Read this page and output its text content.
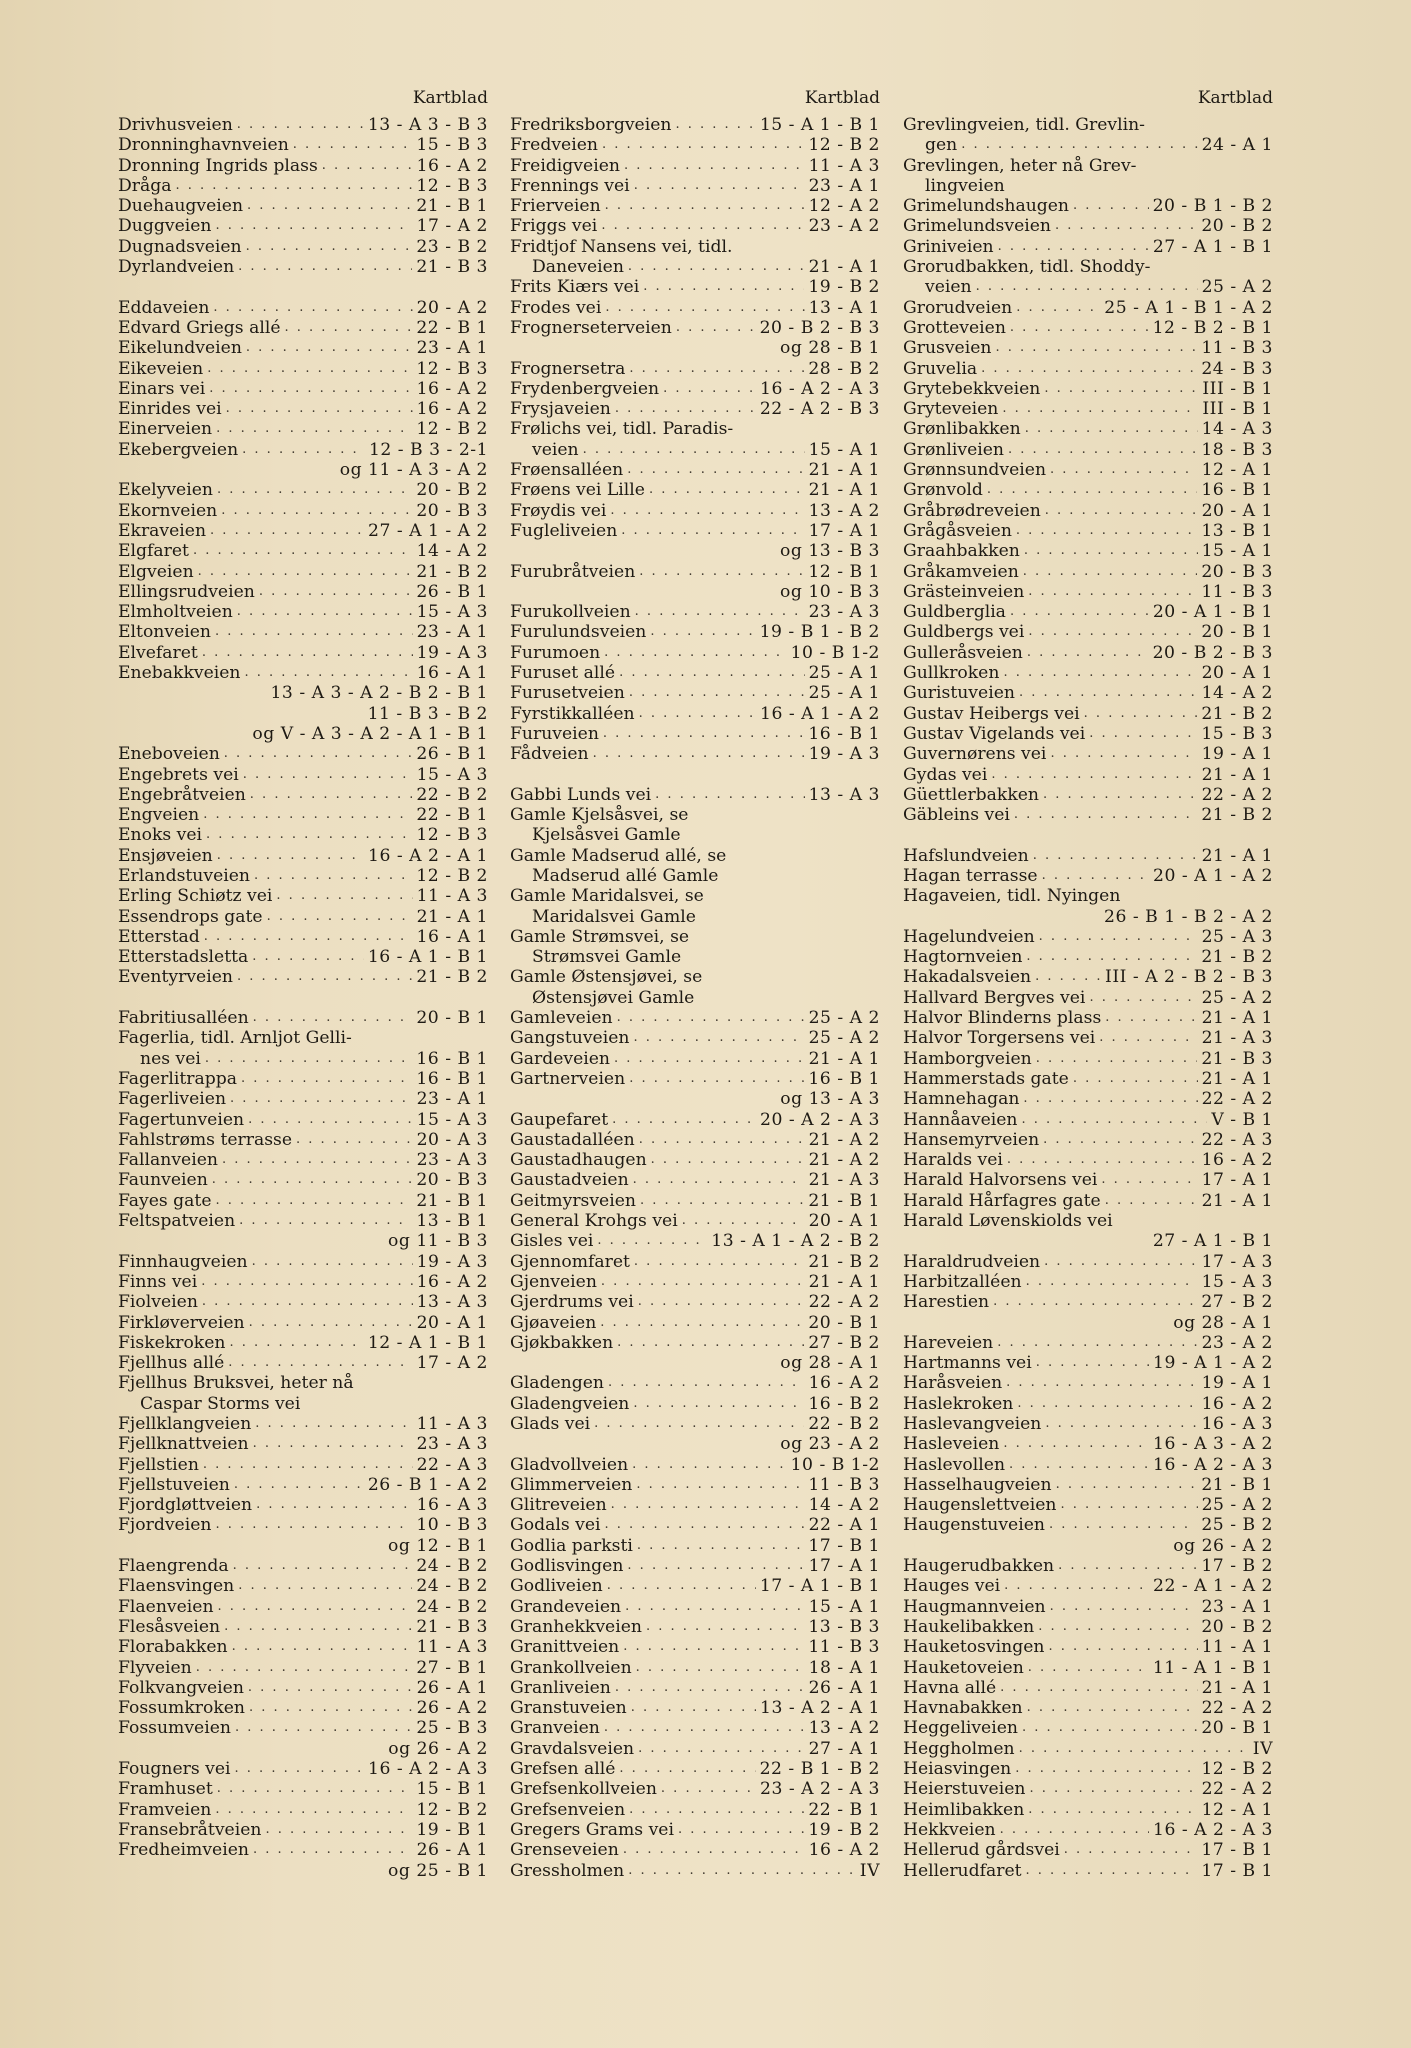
Kartblad
Drivhusveien . . .	13 - A 3 - B 3
Dronninghavnveien . . .	15 - B 3
Dronning Ingrids plass . . .	16 - A 2
Dråga . . .	12 - B 3
Duehaugveien . . .	21 - B 1
Duggveien . . .	17 - A 2
Dugnadsveien . . .	23 - B 2
Dyrlandveien . . .	21 - B 3
Eddaveien . . .	20 - A 2
Edvard Griegs allé . . .	22 - B 1
Eikelundveien . . .	23 - A 1
Eikeveien . . .	12 - B 3
Einars vei . . .	16 - A 2
Einrides vei . . .	16 - A 2
Einerveien . . .	12 - B 2
Ekebergveien . . .	12 - B 3 - 2-1
og 11 - A 3 - A 2
Ekelyveien . . .	20 - B 2
Ekornveien . . .	20 - B 3
Ekraveien . . .	27 - A 1 - A 2
Elgfaret . . .	14 - A 2
Elgveien . . .	21 - B 2
Ellingsrudveien . . .	26 - B 1
Elmholtveien . . .	15 - A 3
Eltonveien . . .	23 - A 1
Elvefaret . . .	19 - A 3
Enebakkveien . . .	16 - A 1
13 - A 3 - A 2 - B 2 - B 1
11 - B 3 - B 2
og V - A 3 - A 2 - A 1 - B 1
Eneboveien . . .	26 - B 1
Engebrets vei . . .	15 - A 3
Engebråtveien . . .	22 - B 2
Engveien . . .	22 - B 1
Enoks vei . . .	12 - B 3
Ensjøveien . . .	16 - A 2 - A 1
Erlandstuveien . . .	12 - B 2
Erling Schiøtz vei . . .	11 - A 3
Essendrops gate . . .	21 - A 1
Etterstad . . .	16 - A 1
Etterstadsletta . . .	16 - A 1 - B 1
Eventyrveien . . .	21 - B 2
Fabritiusalléen . . .	20 - B 1
Fagerlia, tidl. Arnljot Gelli-
nes vei . . .	16 - B 1
Fagerlitrappa . . .	16 - B 1
Fagerliveien . . .	23 - A 1
Fagertunveien . . .	15 - A 3
Fahlstrøms terrasse . . .	20 - A 3
Fallanveien . . .	23 - A 3
Faunveien . . .	20 - B 3
Fayes gate . . .	21 - B 1
Feltspatveien . . .	13 - B 1
og 11 - B 3
Finnhaugveien . . .	19 - A 3
Finns vei . . .	16 - A 2
Fiolveien . . .	13 - A 3
Firkløverveien . . .	20 - A 1
Fiskekroken . . .	12 - A 1 - B 1
Fjellhus allé . . .	17 - A 2
Fjellhus Bruksvei, heter nå
Caspar Storms vei
Fjellklangveien . . .	11 - A 3
Fjellknattveien . . .	23 - A 3
Fjellstien . . .	22 - A 3
Fjellstuveien . . .	26 - B 1 - A 2
Fjordgløttveien . . .	16 - A 3
Fjordveien . . .	10 - B 3
og 12 - B 1
Flaengrenda . . .	24 - B 2
Flaensvingen . . .	24 - B 2
Flaenveien . . .	24 - B 2
Flesåsveien . . .	21 - B 3
Florabakken . . .	11 - A 3
Flyveien . . .	27 - B 1
Folkvangveien . . .	26 - A 1
Fossumkroken . . .	26 - A 2
Fossumveien . . .	25 - B 3
og 26 - A 2
Fougners vei . . .	16 - A 2 - A 3
Framhuset . . .	15 - B 1
Framveien . . .	12 - B 2
Fransebråtveien . . .	19 - B 1
Fredheimveien . . .	26 - A 1
og 25 - B 1
Kartblad
Fredriksborgveien . . .	15 - A 1 - B 1
Fredveien . . .	12 - B 2
Freidigveien . . .	11 - A 3
Frennings vei . . .	23 - A 1
Frierveien . . .	12 - A 2
Friggs vei . . .	23 - A 2
Fridtjof Nansens vei, tidl.
Daneveien . . .	21 - A 1
Frits Kiærs vei . . .	19 - B 2
Frodes vei . . .	13 - A 1
Frognerseterveien . . .	20 - B 2 - B 3
og 28 - B 1
Frognersetra . . .	28 - B 2
Frydenbergveien . . .	16 - A 2 - A 3
Frysjaveien . . .	22 - A 2 - B 3
Frølichs vei, tidl. Paradis-
veien . . .	15 - A 1
Frøensalléen . . .	21 - A 1
Frøens vei Lille . . .	21 - A 1
Frøydis vei . . .	13 - A 2
Fugleliveien . . .	17 - A 1
og 13 - B 3
Furubråtveien . . .	12 - B 1
og 10 - B 3
Furukollveien . . .	23 - A 3
Furulundsveien . . .	19 - B 1 - B 2
Furumoen . . .	10 - B 1-2
Furuset allé . . .	25 - A 1
Furusetveien . . .	25 - A 1
Fyrstikkalléen . . .	16 - A 1 - A 2
Furuveien . . .	16 - B 1
Fådveien . . .	19 - A 3
Gabbi Lunds vei . . .	13 - A 3
Gamle Kjelsåsvei, se
Kjelsåsvei Gamle
Gamle Madserud allé, se
Madserud allé Gamle
Gamle Maridalsvei, se
Maridalsvei Gamle
Gamle Strømsvei, se
Strømsvei Gamle
Gamle Østensjøvei, se
Østensjøvei Gamle
Gamleveien . . .	25 - A 2
Gangstuveien . . .	25 - A 2
Gardeveien . . .	21 - A 1
Gartnerveien . . .	16 - B 1
og 13 - A 3
Gaupefaret . . .	20 - A 2 - A 3
Gaustadalléen . . .	21 - A 2
Gaustadhaugen . . .	21 - A 2
Gaustadveien . . .	21 - A 3
Geitmyrsveien . . .	21 - B 1
General Krohgs vei . . .	20 - A 1
Gisles vei . . .	13 - A 1 - A 2 - B 2
Gjennomfaret . . .	21 - B 2
Gjenveien . . .	21 - A 1
Gjerdrums vei . . .	22 - A 2
Gjøaveien . . .	20 - B 1
Gjøkbakken . . .	27 - B 2
og 28 - A 1
Gladengen . . .	16 - A 2
Gladengveien . . .	16 - B 2
Glads vei . . .	22 - B 2
og 23 - A 2
Gladvollveien . . .	10 - B 1-2
Glimmerveien . . .	11 - B 3
Glitreveien . . .	14 - A 2
Godals vei . . .	22 - A 1
Godlia parksti . . .	17 - B 1
Godlisvingen . . .	17 - A 1
Godliveien . . .	17 - A 1 - B 1
Grandeveien . . .	15 - A 1
Granhekkveien . . .	13 - B 3
Granittveien . . .	11 - B 3
Grankollveien . . .	18 - A 1
Granliveien . . .	26 - A 1
Granstuveien . . .	13 - A 2 - A 1
Granveien . . .	13 - A 2
Gravdalsveien . . .	27 - A 1
Grefsen allé . . .	22 - B 1 - B 2
Grefsenkollveien . . .	23 - A 2 - A 3
Grefsenveien . . .	22 - B 1
Gregers Grams vei . . .	19 - B 2
Grenseveien . . .	16 - A 2
Gressholmen . . .	IV
Kartblad
Grevlingveien, tidl. Grevlin-
gen . . .	24 - A 1
Grevlingen, heter nå Grev-
lingveien
Grimelundshaugen . . .	20 - B 1 - B 2
Grimelundsveien . . .	20 - B 2
Griniveien . . .	27 - A 1 - B 1
Grorudbakken, tidl. Shoddy-
veien . . .	25 - A 2
Grorudveien . . .	25 - A 1 - B 1 - A 2
Grotteveien . . .	12 - B 2 - B 1
Grusveien . . .	11 - B 3
Gruvelia . . .	24 - B 3
Grytebekkveien . . .	III - B 1
Gryteveien . . .	III - B 1
Grønlibakken . . .	14 - A 3
Grønliveien . . .	18 - B 3
Grønnsundveien . . .	12 - A 1
Grønvold . . .	16 - B 1
Gråbrødreveien . . .	20 - A 1
Grågåsveien . . .	13 - B 1
Graahbakken . . .	15 - A 1
Gråkamveien . . .	20 - B 3
Grästeinveien . . .	11 - B 3
Guldberglia . . .	20 - A 1 - B 1
Guldbergs vei . . .	20 - B 1
Gulleråsveien . . .	20 - B 2 - B 3
Gullkroken . . .	20 - A 1
Guristuveien . . .	14 - A 2
Gustav Heibergs vei . . .	21 - B 2
Gustav Vigelands vei . . .	15 - B 3
Guvernørens vei . . .	19 - A 1
Gydas vei . . .	21 - A 1
Güettlerbakken . . .	22 - A 2
Gäbleins vei . . .	21 - B 2
Hafslundveien . . .	21 - A 1
Hagan terrasse . . .	20 - A 1 - A 2
Hagaveien, tidl. Nyingen
26 - B 1 - B 2 - A 2
Hagelundveien . . .	25 - A 3
Hagtornveien . . .	21 - B 2
Hakadalsveien . . .	III - A 2 - B 2 - B 3
Hallvard Bergves vei . . .	25 - A 2
Halvor Blinderns plass . . .	21 - A 1
Halvor Torgersens vei . . .	21 - A 3
Hamborgveien . . .	21 - B 3
Hammerstads gate . . .	21 - A 1
Hamnehagan . . .	22 - A 2
Hannåaveien . . .	V - B 1
Hansemyrveien . . .	22 - A 3
Haralds vei . . .	16 - A 2
Harald Halvorsens vei . . .	17 - A 1
Harald Hårfagres gate . . .	21 - A 1
Harald Løvenskiolds vei
27 - A 1 - B 1
Haraldrudveien . . .	17 - A 3
Harbitzalléen . . .	15 - A 3
Harestien . . .	27 - B 2
og 28 - A 1
Hareveien . . .	23 - A 2
Hartmanns vei . . .	19 - A 1 - A 2
Haråsveien . . .	19 - A 1
Haslekroken . . .	16 - A 2
Haslevangveien . . .	16 - A 3
Hasleveien . . .	16 - A 3 - A 2
Haslevollen . . .	16 - A 2 - A 3
Hasselhaugveien . . .	21 - B 1
Haugenslettveien . . .	25 - A 2
Haugenstuveien . . .	25 - B 2
og 26 - A 2
Haugerudbakken . . .	17 - B 2
Hauges vei . . .	22 - A 1 - A 2
Haugmannveien . . .	23 - A 1
Haukelibakken . . .	20 - B 2
Hauketosvingen . . .	11 - A 1
Hauketoveien . . .	11 - A 1 - B 1
Havna allé . . .	21 - A 1
Havnabakken . . .	22 - A 2
Heggeliveien . . .	20 - B 1
Heggholmen . . .	IV
Heiasvingen . . .	12 - B 2
Heierstuveien . . .	22 - A 2
Heimlibakken . . .	12 - A 1
Hekkveien . . .	16 - A 2 - A 3
Hellerud gårdsvei . . .	17 - B 1
Hellerudfaret . . .	17 - B 1
